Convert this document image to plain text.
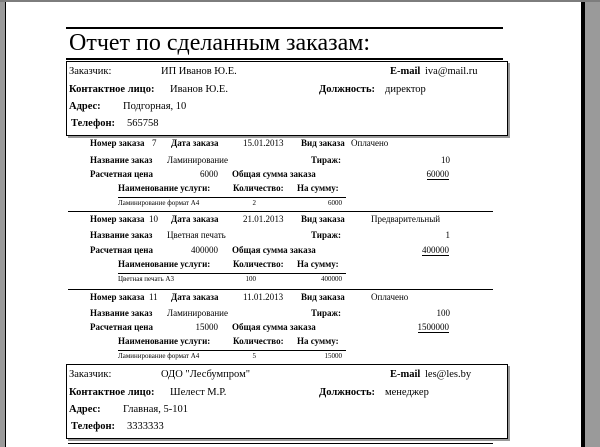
Отчет по сделанным заказам:
Заказчик:	ИП Иванов Ю.Е.	E-mail iva@mail.ru
Контактное лицо: Иванов Ю.Е.	Должность: директор
Адрес: Подгорная, 10
Телефон: 565758
Номер заказа 7 Дата заказа	15.01.2013 Вид заказа Оплачено
Название заказ Ламинирование	Тираж:	10
Расчетная цена	6000 Общая сумма заказа	60000
Наименование услуги:	Количество: На сумму:
Ламинирование формат А4	2	6000
Номер заказа 10 Дата заказа	21.01.2013 Вид заказа	Предварительный
Название заказ Цветная печать	Тираж:	1
Расчетная цена	400000 Общая сумма заказа	400000
Наименование услуги:	Количество: На сумму:
Цветная печать А3	100	400000
Номер заказа 11 Дата заказа	11.01.2013 Вид заказа	Оплачено
Название заказ Ламинирование	Тираж:	100
Расчетная цена	15000 Общая сумма заказа	1500000
Наименование услуги:	Количество: На сумму:
Ламинирование формат А4	5	15000
Заказчик:	ОДО "Лесбумпром"	E-mail les@les.by
Контактное лицо: Шелест М.Р.	Должность: менеджер
Адрес: Главная, 5-101
Телефон: 3333333
